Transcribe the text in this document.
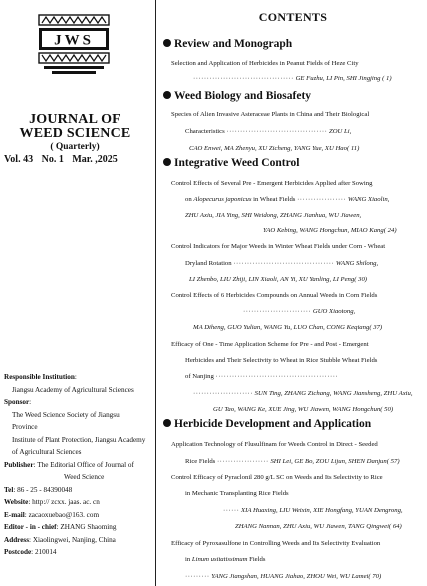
JWS
JOURNAL OF
WEED SCIENCE
( Quarterly)
Vol. 43 No. 1 Mar. ,2025
Responsible Institution:
Jiangsu Academy of Agricultural Sciences
Sponsor:
The Weed Science Society of Jiangsu Province
Institute of Plant Protection, Jiangsu Academy
of Agricultural Sciences
Publisher: The Editorial Office of Journal of
Weed Science
Tel: 86 - 25 - 84390048
Website: http:// zcxx. jaas. ac. cn
E-mail: zacaoxuebao@163. com
Editor - in - chief: ZHANG Shaoming
Address: Xiaolingwei, Nanjing, China
Postcode: 210014
CONTENTS
Review and Monograph
Selection and Application of Herbicides in Peanut Fields of Heze City
····································· GE Fuzhu, LI Pin, SHI Jingjing ( 1)
Weed Biology and Biosafety
Species of Alien Invasive Asteraceae Plants in China and Their Biological
Characteristics ····································· ZOU Li,
CAO Enwei, MA Zhenyu, XU Zicheng, YANG Yue, XU Hao( 11)
Integrative Weed Control
Control Effects of Several Pre - Emergent Herbicides Applied after Sowing
on Alopecurus japonicus in Wheat Fields ·················· WANG Xiaolin,
ZHU Axiu, JIA Ying, SHI Weidong, ZHANG Jianhua, WU Jiawen,
YAO Kebing, WANG Hongchun, MIAO Kang( 24)
Control Indicators for Major Weeds in Winter Wheat Fields under Corn - Wheat
Dryland Rotation ····································· WANG Shilong,
LI Zhenbo, LIU Zhiji, LIN Xiaoli, AN Yi, XU Yanling, LI Peng( 30)
Control Effects of 6 Herbicides Compounds on Annual Weeds in Corn Fields
························· GUO Xiaotong,
MA Diheng, GUO Yulian, WANG Yu, LUO Chan, CONG Keqiang( 37)
Efficacy of One - Time Application Scheme for Pre - and Post - Emergent
Herbicides and Their Selectivity to Wheat in Rice Stubble Wheat Fields
of Nanjing ·············································
······················ SUN Ting, ZHANG Zichang, WANG Jiansheng, ZHU Axiu,
GU Tao, WANG Ke, XUE Jing, WU Jiawen, WANG Hongchun( 50)
Herbicide Development and Application
Application Technology of Flusulfinam for Weeds Control in Direct - Seeded
Rice Fields ··················· SHI Lei, GE Bo, ZOU Lijun, SHEN Danjun( 57)
Control Efficacy of Pyraclonil 280 g/L SC on Weeds and Its Selectivity to Rice
in Mechanic Transplanting Rice Fields
······ XIA Huaxing, LIU Weixin, XIE Hongfang, YUAN Dengrong,
ZHANG Nannan, ZHU Axiu, WU Jiawen, TANG Qingwei( 64)
Efficacy of Pyroxasulfone in Controlling Weeds and Its Selectivity Evaluation
in Linum usitatissimum Fields
········· YANG Jiangshan, HUANG Jiahao, ZHOU Wei, WU Lamei( 70)
